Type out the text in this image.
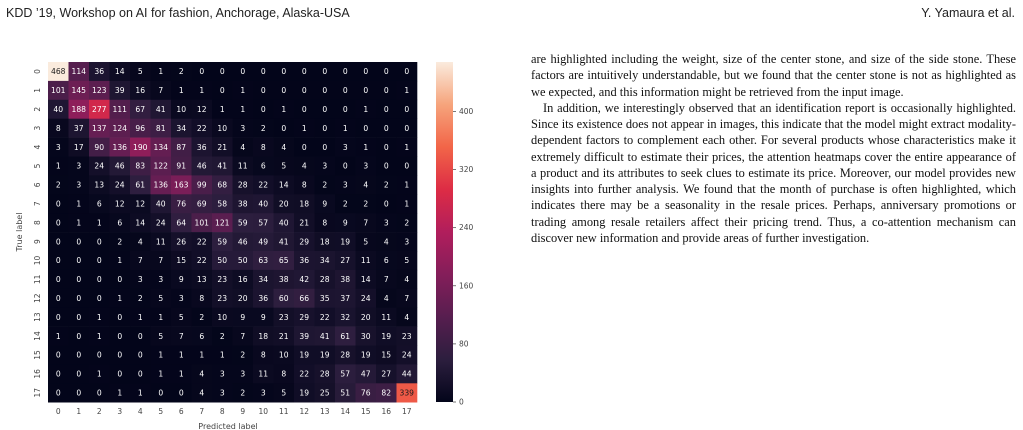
KDD ’19, Workshop on AI for fashion, Anchorage, Alaska-USA	Y. Yamaura et al.
468 114 36 14 5 1 2 0 0 0 0 0 0 0 0 0 0 0
101 145 123 39 16 7 1 1 0 1 0 0 0 0 0 0 0 1
40 188 277 111 67 41 10 12 1 1 0 1 0 0 0 1 0 0
8 37 137 124 96 81 34 22 10 3 2 0 1 0 1 0 0 0
3 17 90 136 190 134 87 36 21 4 8 4 0 0 3 1 0 1
1 3 24 46 83 122 91 46 41 11 6 5 4 3 0 3 0 0
2 3 13 24 61 136 163 99 68 28 22 14 8 2 3 4 2 1
0 1 6 12 12 40 76 69 58 38 40 20 18 9 2 2 0 1
0 1 1 6 14 24 64 101 121 59 57 40 21 8 9 7 3 2
0 0 0 2 4 11 26 22 59 46 49 41 29 18 19 5 4 3
0 0 0 1 7 7 15 22 50 50 63 65 36 34 27 11 6 5
0 0 0 0 3 3 9 13 23 16 34 38 42 28 38 14 7 4
0 0 0 1 2 5 3 8 23 20 36 60 66 35 37 24 4 7
0 0 1 0 1 1 5 2 10 9 9 23 29 22 32 20 11 4
1 0 1 0 0 5 7 6 2 7 18 21 39 41 61 30 19 23
0 0 0 0 0 1 1 1 1 2 8 10 19 19 28 19 15 24
0 0 1 0 0 1 1 4 3 3 11 8 22 28 57 47 27 44
0 0 0 1 1 0 0 4 3 2 3 5 19 25 51 76 82 339
0 1 2 3 4 5 6 7 8 9 10 11 12 13 14 15 16 17
0
1
2
3
4
5
6
7
8
9
10
11
12
13
14
15
16
17
Predicted label
True label
0
80
160
240
320
400

are highlighted including the weight, size of the center stone, and size of the side stone. These factors are intuitively understandable, but we found that the center stone is not as highlighted as we expected, and this information might be retrieved from the input image.

In addition, we interestingly observed that an identification report is occasionally highlighted. Since its existence does not appear in images, this indicate that the model might extract modality-dependent factors to complement each other. For several products whose characteristics make it extremely difficult to estimate their prices, the attention heatmaps cover the entire appearance of a product and its attributes to seek clues to estimate its price. Moreover, our model provides new insights into further analysis. We found that the month of purchase is often highlighted, which indicates there may be a seasonality in the resale prices. Perhaps, anniversary promotions or trading among resale retailers affect their pricing trend. Thus, a co-attention mechanism can discover new information and provide areas of further investigation.
